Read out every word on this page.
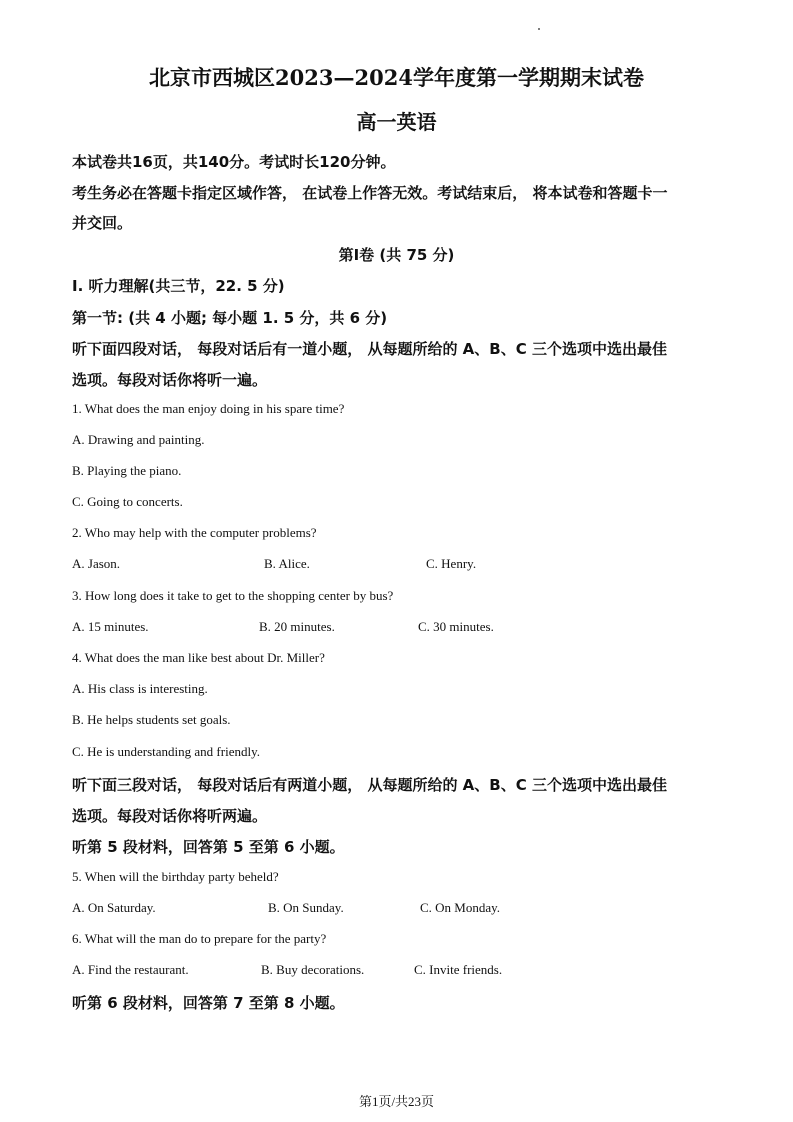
北京市西城区2023—2024学年度第一学期期末试卷
高一英语
本试卷共16页，共140分。考试时长120分钟。
考生务必在答题卡指定区域作答， 在试卷上作答无效。考试结束后， 将本试卷和答题卡一
并交回。
第Ⅰ卷 (共 75 分)
Ⅰ. 听力理解(共三节，22. 5 分)
第一节: (共 4 小题; 每小题 1. 5 分，共 6 分)
听下面四段对话， 每段对话后有一道小题， 从每题所给的 A、B、C 三个选项中选出最佳
选项。每段对话你将听一遍。
1. What does the man enjoy doing in his spare time?
A. Drawing and painting.
B. Playing the piano.
C. Going to concerts.
2. Who may help with the computer problems?
A. Jason.	B. Alice.	C. Henry.
3. How long does it take to get to the shopping center by bus?
A. 15 minutes.	B. 20 minutes.	C. 30 minutes.
4. What does the man like best about Dr. Miller?
A. His class is interesting.
B. He helps students set goals.
C. He is understanding and friendly.
听下面三段对话， 每段对话后有两道小题， 从每题所给的 A、B、C 三个选项中选出最佳
选项。每段对话你将听两遍。
听第 5 段材料，回答第 5 至第 6 小题。
5. When will the birthday party beheld?
A. On Saturday.	B. On Sunday.	C. On Monday.
6. What will the man do to prepare for the party?
A. Find the restaurant.	B. Buy decorations.	C. Invite friends.
听第 6 段材料，回答第 7 至第 8 小题。
第1页/共23页
